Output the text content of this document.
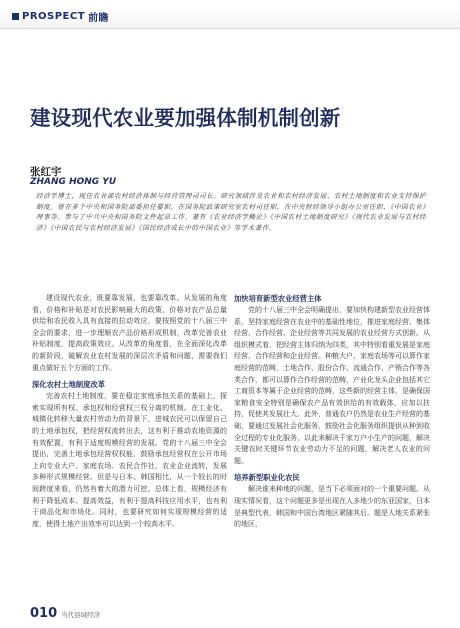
PROSPECT 前瞻
建设现代农业要加强体制机制创新
张红宇
ZHANG HONG YU
经济学博士，现任农业部农村经济体制与经营管理司司长。研究领域涉及农业和农村经济发展、农村土地制度和农业支持保护制度。曾在多个中央和国务院部委担任要职。在国务院政策研究室农村司任职，在中央财经领导小组办公室任职、《中国农业》理事等。参与了中共中央和国务院文件起草工作。著有《农业经济学概论》《中国农村土地制度研究》《现代农业发展与农村经济》《中国农民与农村经济发展》《国民经济成长中的中国农业》等学术著作。

建设现代农业，既要靠发展，也要靠改革。从发展的角度看，价格和补贴是对农民影响最大的政策，价格对农产品总量供给和农民收入具有直接的拉动效应，要按照党的十八届三中全会的要求，进一步理顺农产品价格形成机制，改革完善农业补贴制度，提高政策效应。从改革的角度看，在全面深化改革的新阶段，破解农业农村发展的深层次矛盾和问题，需要我们重点做好五个方面的工作。

深化农村土地制度改革

完善农村土地制度，要在稳定家庭承包关系的基础上，探索实现所有权、承包权和经营权三权分离的机制。在工业化、城镇化转移大量农村劳动力的背景下，进城农民可以保留自己的土地承包权，把经营权流转出去，这有利于推动农地资源的有效配置，有利于适度规模经营的发展。党的十八届三中全会提出，完善土地承包经营权权能，鼓励承包经营权在公开市场上向专业大户、家庭农场、农民合作社、农业企业流转，发展多种形式规模经营。但是与日本、韩国相比，从一个较长的时间跨度来看，仍然有着大的潜力可挖。总体上看，规模经济有利于降低成本、提高效益，有利于提高科技应用水平，也有利于商品化和市场化。同时，也要研究如何实现规模经营的适度，使得土地产出效率可以达到一个较高水平。

加快培育新型农业经营主体

党的十八届三中全会明确提出，要加快构建新型农业经营体系，坚持家庭经营在农业中的基础性地位，推进家庭经营、集体经营、合作经营、企业经营等共同发展的农业经营方式创新。从组织模式看，把经营主体归纳为四类，其中特别看重发展是家庭经营、合作经营和企业经营。种粮大户、家庭农场等可以算作家庭经营的范畴，土地合作、股份合作、流通合作、产销合作等各类合作，都可以算作合作经营的范畴，产业化龙头企业包括其它工商资本等属于企业经营的范畴，这些新的经营主体，是确保国家粮食安全特别是确保农产品有效供给的有效载体，应加以扶持，促使其发展壮大。此外，普通农户仍然是农业生产经营的基础，要通过发展社会化服务，鼓励社会化服务组织提供从种到收全过程的专业化服务，以此来解决千家万户小生产的问题，解决关键农时关键环节农业劳动力不足的问题，解决老人农业的问题。

培养新型职业化农民

解决谁来种地的问题，是当下必须面对的一个重要问题。从现实情况看，这个问题更多是出现在人多地少的东亚国家，日本是典型代表，韩国和中国台湾地区紧随其后。题是人地关系紧张的地区，

010 当代县域经济
